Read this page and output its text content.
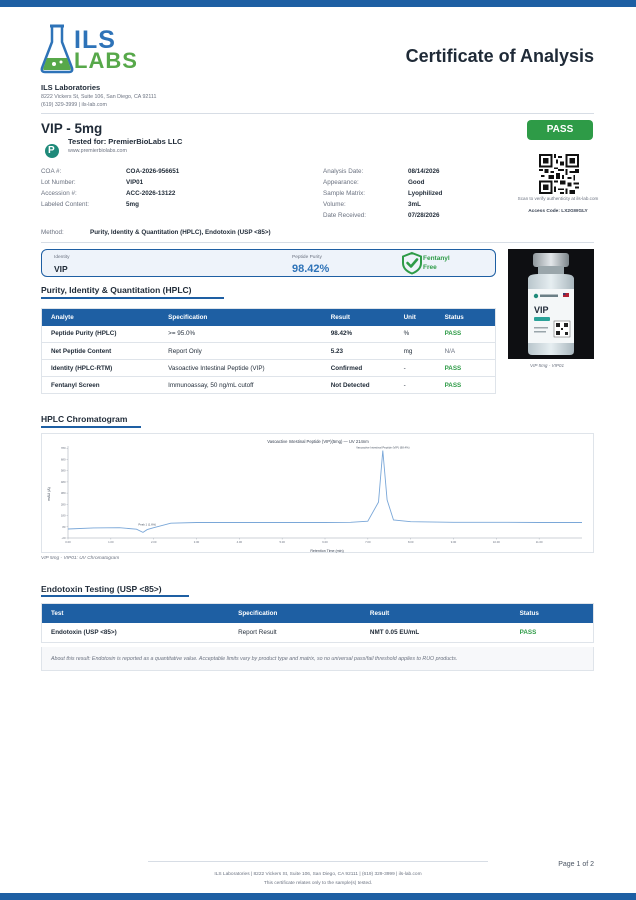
ILS
LABS	Certificate of Analysis
ILS Laboratories
8222 Vickers St, Suite 106, San Diego, CA 92111
(619) 329-3999 | ils-lab.com
VIP - 5mg
P
Tested for: PremierBioLabs LLC
www.premierbiolabs.com
PASS
Scan to verify authenticity at ils-lab.com
Access Code: LX2GWGLY
COA #:	COA-2026-956651
Lot Number:	VIP01
Accession #:	ACC-2026-13122
Labeled Content:	5mg
Analysis Date:	08/14/2026
Appearance:	Good
Sample Matrix:	Lyophilized
Volume:	3mL
Date Received:	07/28/2026
Method:	Purity, Identity & Quantitation (HPLC), Endotoxin (USP <85>)
Identity
VIP
Peptide Purity
98.42%
Fentanyl
Free
VIP
VIP 5mg - VIP01
Purity, Identity & Quantitation (HPLC)
Analyte	Specification	Result	Unit	Status
Peptide Purity (HPLC)	>= 95.0%	98.42%	%	PASS
Net Peptide Content	Report Only	5.23	mg	N/A
Identity (HPLC-RTM)	Vasoactive Intestinal Peptide (VIP)	Confirmed	-	PASS
Fentanyl Screen	Immunoassay, 50 ng/mL cutoff	Not Detected	-	PASS
HPLC Chromatogram
Vasoactive Intestinal Peptide (VIP)(5mg) — UV 214nm
mAU (A)
Retention Time (min)
0.00	1.00	2.00	3.00	4.00	5.00	6.00	7.00	8.00	9.00	10.00	11.00
-20
80
180
280
380
480
580
680
780	Vasoactive Intestinal Peptide (VIP) (98.4%)
Peak 1 (1.6%)
VIP 5mg - VIP01: UV Chromatogram
Endotoxin Testing (USP <85>)
Test	Specification	Result	Status
Endotoxin (USP <85>)	Report Result	NMT 0.05 EU/mL	PASS
About this result: Endotoxin is reported as a quantitative value. Acceptable limits vary by product type and matrix, so no universal pass/fail threshold applies to RUO products.
Page 1 of 2
ILS Laboratories | 8222 Vickers St, Suite 106, San Diego, CA 92111 | (619) 329-3999 | ils-lab.com
This certificate relates only to the sample(s) tested.
